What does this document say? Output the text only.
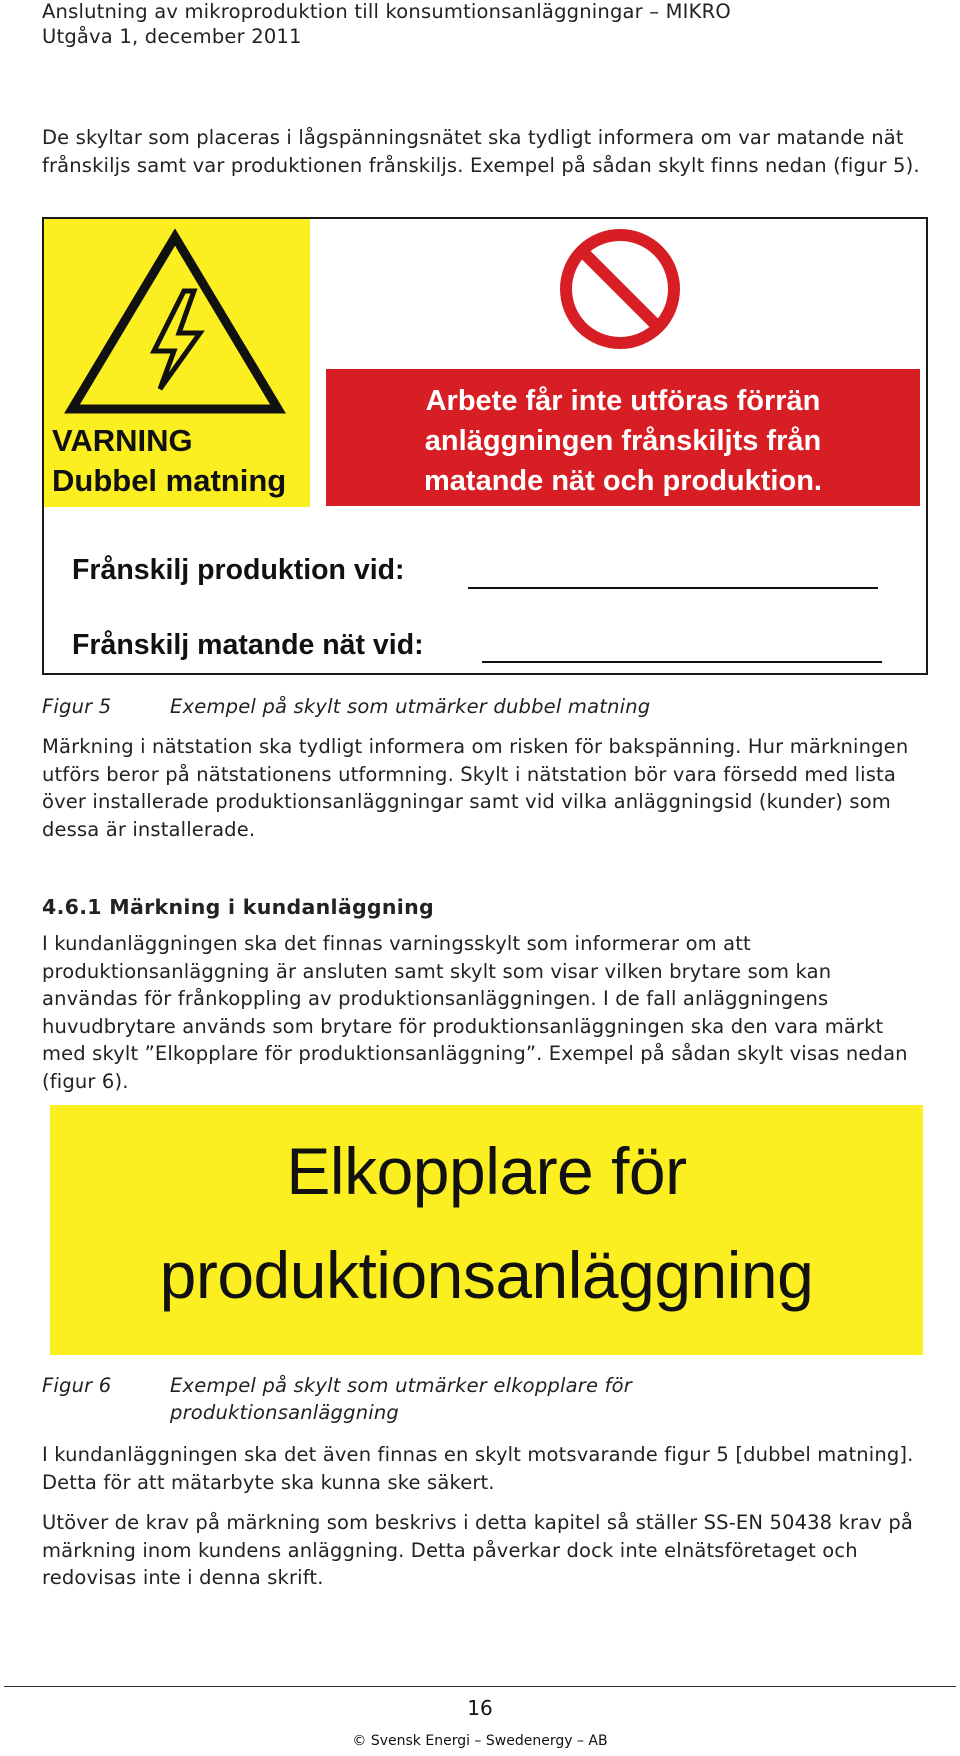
Anslutning av mikroproduktion till konsumtionsanläggningar – MIKRO
Utgåva 1, december 2011

De skyltar som placeras i lågspänningsnätet ska tydligt informera om var matande nät frånskiljs samt var produktionen frånskiljs. Exempel på sådan skylt finns nedan (figur 5).

VARNING
Dubbel matning
Arbete får inte utföras förrän
anläggningen frånskiljts från
matande nät och produktion.
Frånskilj produktion vid:
Frånskilj matande nät vid:
Figur 5	Exempel på skylt som utmärker dubbel matning

Märkning i nätstation ska tydligt informera om risken för bakspänning. Hur märkningen utförs beror på nätstationens utformning. Skylt i nätstation bör vara försedd med lista över installerade produktionsanläggningar samt vid vilka anläggningsid (kunder) som dessa är installerade.

4.6.1 Märkning i kundanläggning

I kundanläggningen ska det finnas varningsskylt som informerar om att produktionsanläggning är ansluten samt skylt som visar vilken brytare som kan användas för frånkoppling av produktionsanläggningen. I de fall anläggningens huvudbrytare används som brytare för produktionsanläggningen ska den vara märkt med skylt ”Elkopplare för produktionsanläggning”. Exempel på sådan skylt visas nedan (figur 6).

Elkopplare för
produktionsanläggning
Figur 6	Exempel på skylt som utmärker elkopplare för
produktionsanläggning

I kundanläggningen ska det även finnas en skylt motsvarande figur 5 [dubbel matning]. Detta för att mätarbyte ska kunna ske säkert.

Utöver de krav på märkning som beskrivs i detta kapitel så ställer SS-EN 50438 krav på märkning inom kundens anläggning. Detta påverkar dock inte elnätsföretaget och redovisas inte i denna skrift.

16
© Svensk Energi – Swedenergy – AB
